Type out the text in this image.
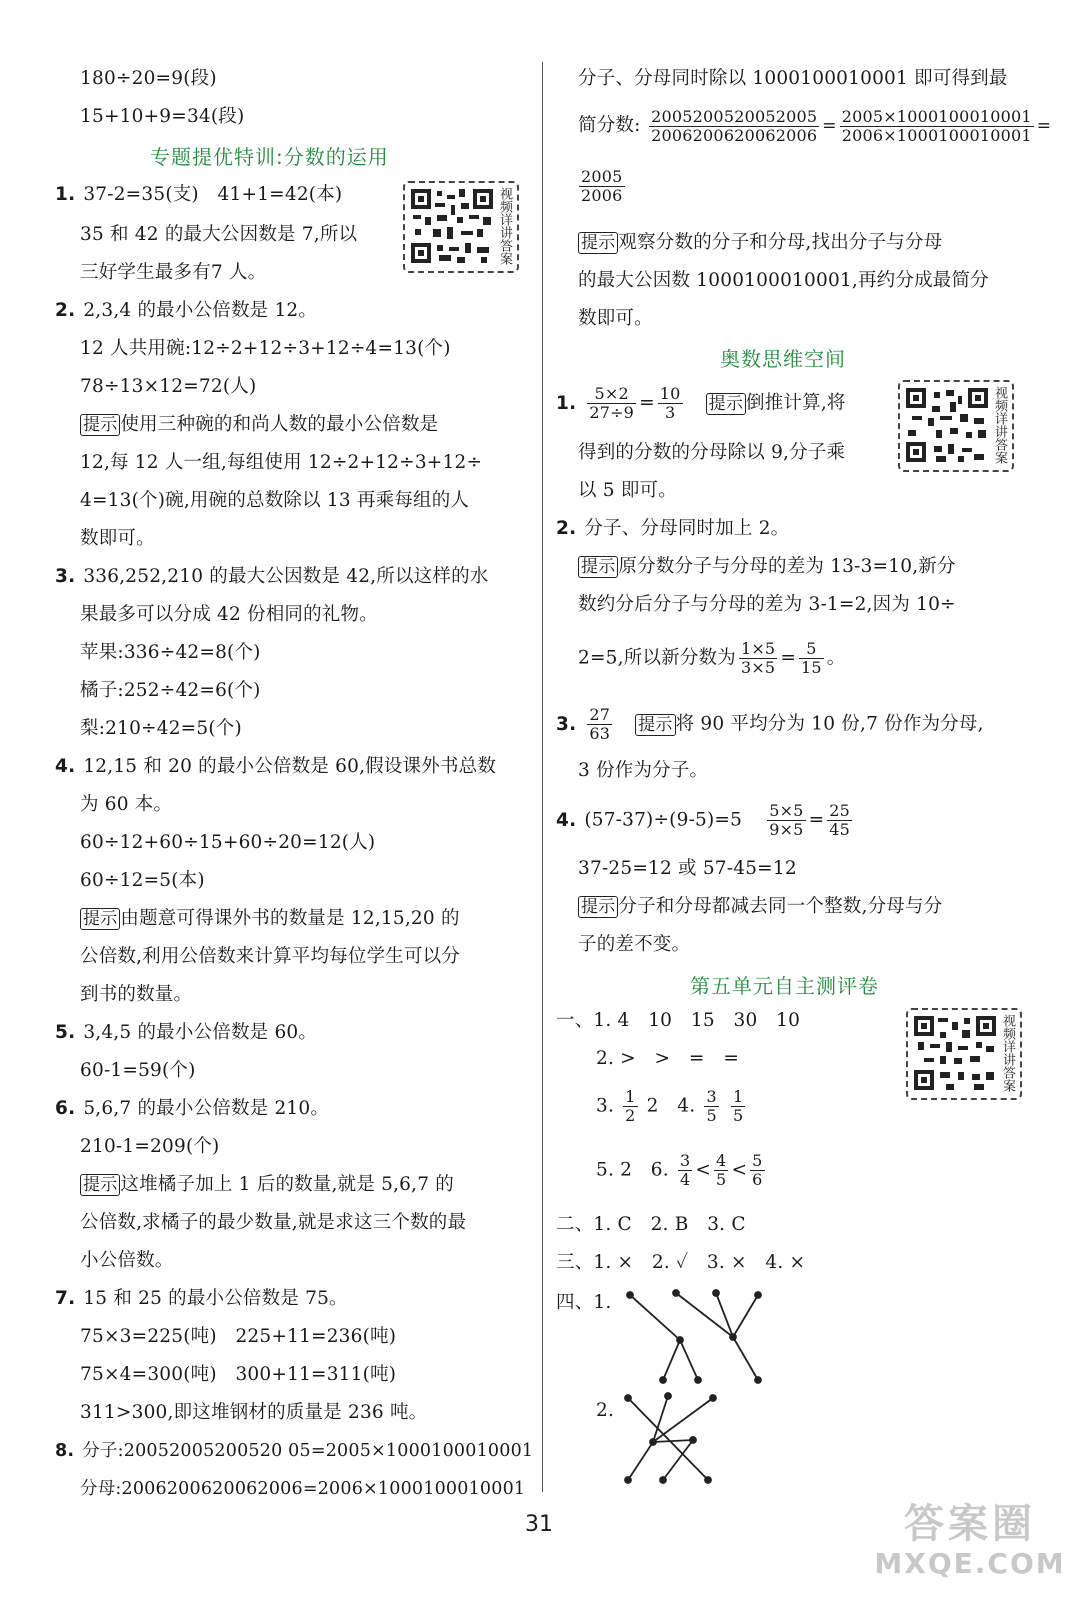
180÷20=9(段)
15+10+9=34(段)
专题提优特训:分数的运用
1. 37-2=35(支)　41+1=42(本)
35 和 42 的最大公因数是 7,所以
三好学生最多有7 人。
视频详讲答案
2. 2,3,4 的最小公倍数是 12。
12 人共用碗:12÷2+12÷3+12÷4=13(个)
78÷13×12=72(人)
提示 使用三种碗的和尚人数的最小公倍数是
12,每 12 人一组,每组使用 12÷2+12÷3+12÷
4=13(个)碗,用碗的总数除以 13 再乘每组的人
数即可。
3. 336,252,210 的最大公因数是 42,所以这样的水
果最多可以分成 42 份相同的礼物。
苹果:336÷42=8(个)
橘子:252÷42=6(个)
梨:210÷42=5(个)
4. 12,15 和 20 的最小公倍数是 60,假设课外书总数
为 60 本。
60÷12+60÷15+60÷20=12(人)
60÷12=5(本)
提示 由题意可得课外书的数量是 12,15,20 的
公倍数,利用公倍数来计算平均每位学生可以分
到书的数量。
5. 3,4,5 的最小公倍数是 60。
60-1=59(个)
6. 5,6,7 的最小公倍数是 210。
210-1=209(个)
提示 这堆橘子加上 1 后的数量,就是 5,6,7 的
公倍数,求橘子的最少数量,就是求这三个数的最
小公倍数。
7. 15 和 25 的最小公倍数是 75。
75×3=225(吨)　225+11=236(吨)
75×4=300(吨)　300+11=311(吨)
311>300,即这堆钢材的质量是 236 吨。
8. 分子:20052005200520 05=2005×1000100010001
分母:2006200620062006=2006×1000100010001
分子、分母同时除以 1000100010001 即可得到最
简分数: $\frac{2005200520052005}{2006200620062006} = \frac{2005\times 1000100010001}{2006\times 1000100010001}$ =
$\frac{2005}{2006}$
提示 观察分数的分子和分母,找出分子与分母
的最大公因数 1000100010001,再约分成最简分
数即可。
奥数思维空间
1. $\frac{5\times 2}{27\div 9} = \frac{10}{3}$ 提示 倒推计算,将
得到的分数的分母除以 9,分子乘
以 5 即可。
视频详讲答案
2. 分子、分母同时加上 2。
提示 原分数分子与分母的差为 13-3=10,新分
数约分后分子与分母的差为 3-1=2,因为 10÷
2=5,所以新分数为 $\frac{1\times 5}{3\times 5} = \frac{5}{15}$ 。
3. $\frac{27}{63}$ 提示 将 90 平均分为 10 份,7 份作为分母,
3 份作为分子。
4. $(57-37)\div(9-5)=5 \frac{5\times 5}{9\times 5} = \frac{25}{45}$
37-25=12 或 57-45=12
提示 分子和分母都减去同一个整数,分母与分
子的差不变。
第五单元自主测评卷
视频详讲答案
一、1. 4　10　15　30　10
2. >　>　=　=
3. $\frac{1}{2} 2$　4. $\frac{3}{5}$
$\frac{1}{5}$
5. 2　6. $\frac{3}{4} < \frac{4}{5} < \frac{5}{6}$
二、1. C　2. B　3. C
三、1. ×　2. ✓　3. ×　4. ×
四、1.
2.
31	答案圈
MXQE.COM
